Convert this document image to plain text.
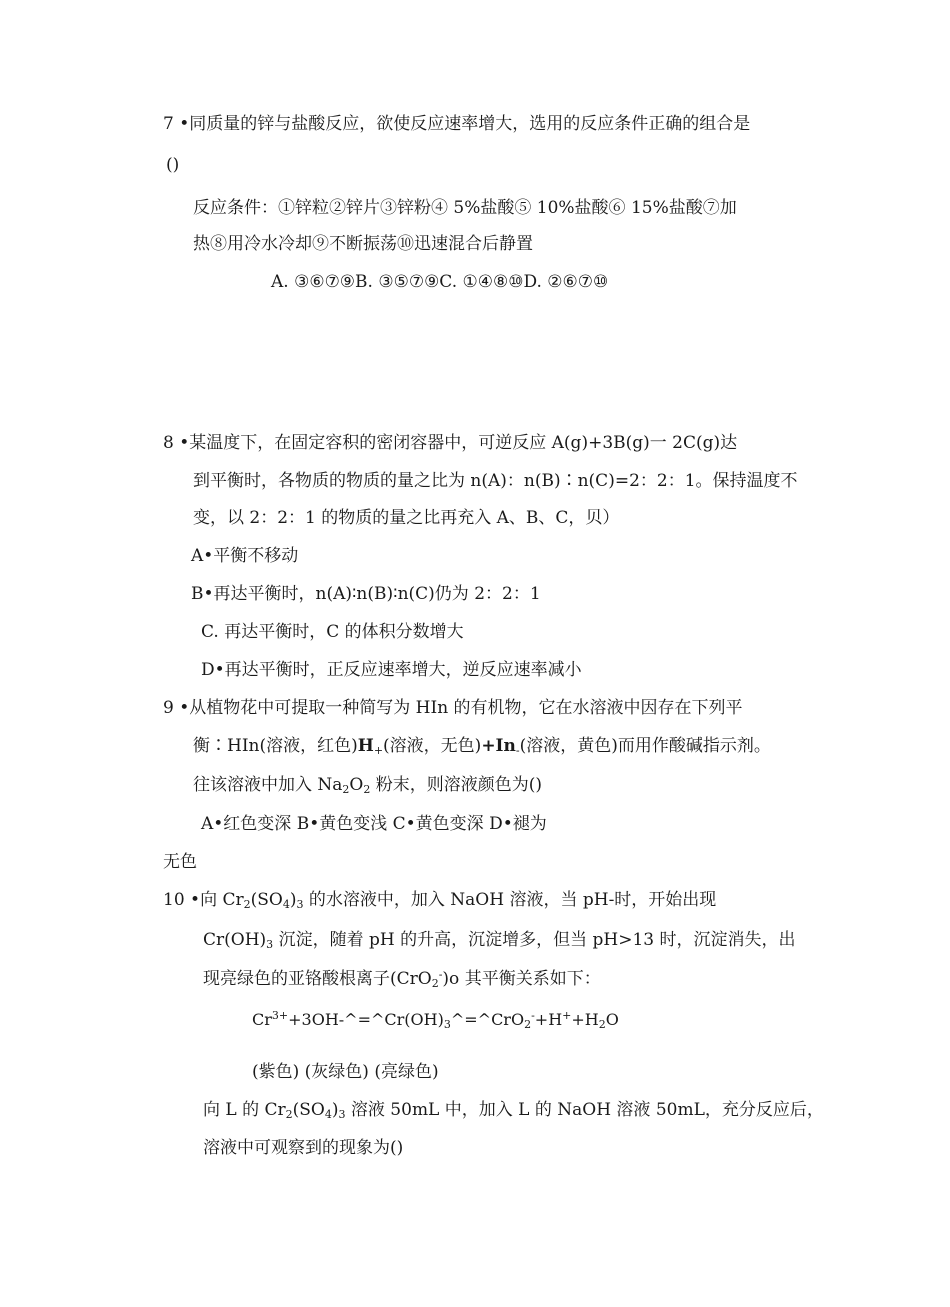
7 •同质量的锌与盐酸反应，欲使反应速率增大，选用的反应条件正确的组合是
()
反应条件：①锌粒②锌片③锌粉④ 5%盐酸⑤ 10%盐酸⑥ 15%盐酸⑦加
热⑧用冷水冷却⑨不断振荡⑩迅速混合后静置
A. ③⑥⑦⑨B. ③⑤⑦⑨C. ①④⑧⑩D. ②⑥⑦⑩
8 •某温度下，在固定容积的密闭容器中，可逆反应 A(g)+3B(g)一 2C(g)达
到平衡时，各物质的物质的量之比为 n(A)：n(B)∶n(C)=2：2：1。保持温度不
变，以 2：2：1 的物质的量之比再充入 A、B、C，贝）
A•平衡不移动
B•再达平衡时，n(A)∶n(B)∶n(C)仍为 2：2：1
C. 再达平衡时，C 的体积分数增大
D•再达平衡时，正反应速率增大，逆反应速率减小
9 •从植物花中可提取一种简写为 HIn 的有机物，它在水溶液中因存在下列平
衡∶HIn(溶液，红色)$H_+$(溶液，无色)$+In_-$(溶液，黄色)而用作酸碱指示剂。
往该溶液中加入 $Na_2O_2$ 粉末，则溶液颜色为()
A•红色变深 B•黄色变浅 C•黄色变深 D•褪为
无色
10 •向 $Cr_2(SO_4)_3$ 的水溶液中，加入 NaOH 溶液，当 pH-时，开始出现
$Cr(OH)_3$ 沉淀，随着 pH 的升高，沉淀增多，但当 pH>13 时，沉淀消失，出
现亮绿色的亚铬酸根离子(CrO$_2$-)o 其平衡关系如下：
$Cr^{3+}+3OH-\^{}=\^{}Cr(OH)_3\^{}=\^{}CrO_2^-+H^++H_2O$
(紫色) (灰绿色) (亮绿色)
向 L 的 $Cr_2(SO_4)_3$ 溶液 50mL 中，加入 L 的 NaOH 溶液 50mL，充分反应后，
溶液中可观察到的现象为()
